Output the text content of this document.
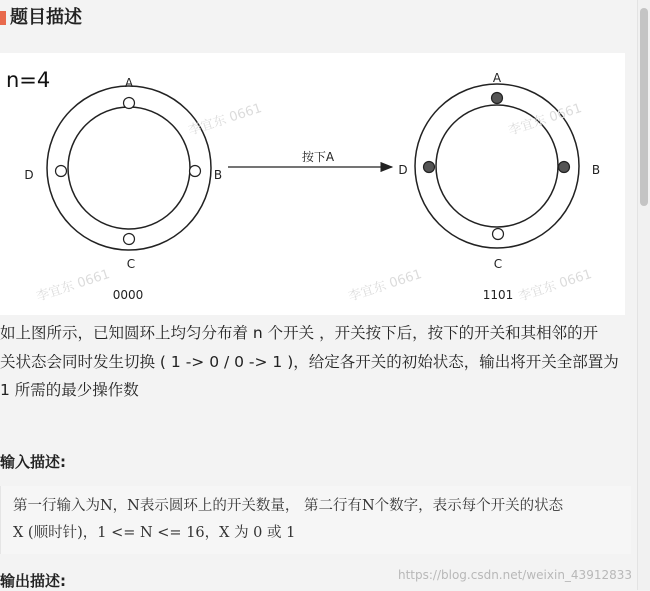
题目描述
n=4	A
B
C
D
0000
按下A
A
B
C
D
1101
李宜东 0661	李宜东 0661
李宜东 0661	李宜东 0661	李宜东 0661

如上图所示，已知圆环上均匀分布着 n 个开关 ，开关按下后，按下的开关和其相邻的开

关状态会同时发生切换 ( 1 -> 0 / 0 -> 1 )，给定各开关的初始状态，输出将开关全部置为

1 所需的最少操作数

输入描述:

第一行输入为N，N表示圆环上的开关数量， 第二行有N个数字，表示每个开关的状态

X (顺时针)，1 <= N <= 16，X 为 0 或 1

输出描述:	https://blog.csdn.net/weixin_43912833
